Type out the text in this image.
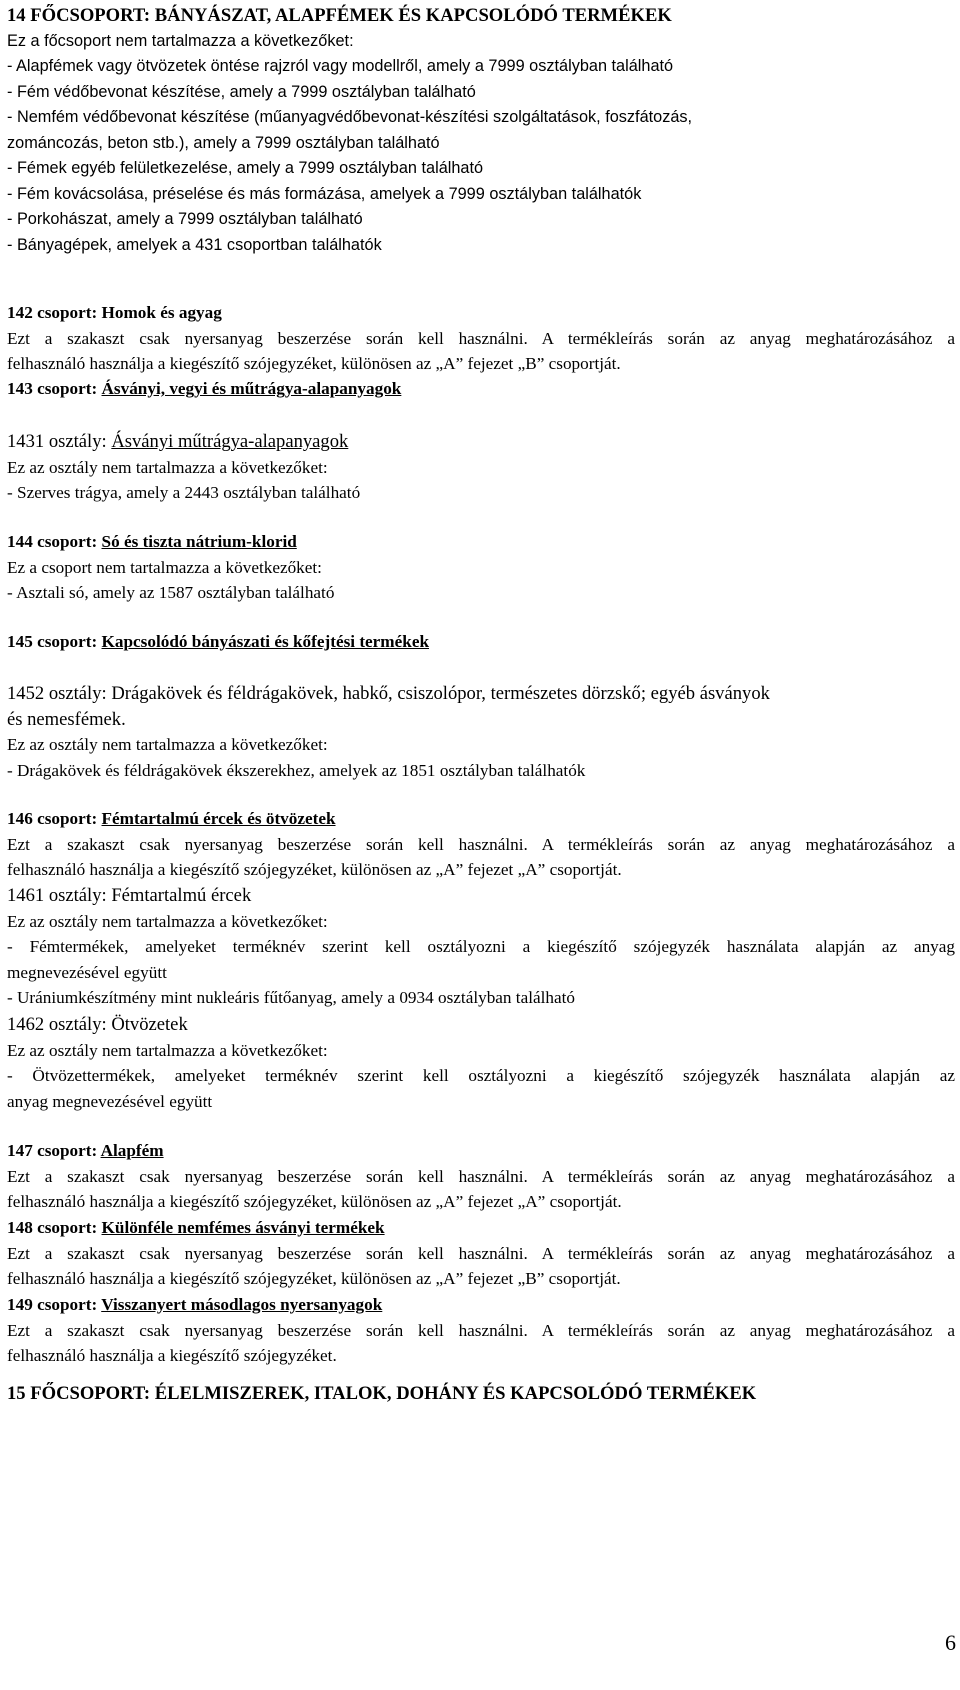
14 FŐCSOPORT: BÁNYÁSZAT, ALAPFÉMEK ÉS KAPCSOLÓDÓ TERMÉKEK
Ez a főcsoport nem tartalmazza a következőket:
- Alapfémek vagy ötvözetek öntése rajzról vagy modellről, amely a 7999 osztályban található
- Fém védőbevonat készítése, amely a 7999 osztályban található
- Nemfém védőbevonat készítése (műanyagvédőbevonat-készítési szolgáltatások, foszfátozás,
zománcozás, beton stb.), amely a 7999 osztályban található
- Fémek egyéb felületkezelése, amely a 7999 osztályban található
- Fém kovácsolása, préselése és más formázása, amelyek a 7999 osztályban találhatók
- Porkohászat, amely a 7999 osztályban található
- Bányagépek, amelyek a 431 csoportban találhatók
142 csoport: Homok és agyag
Ezt a szakaszt csak nyersanyag beszerzése során kell használni. A termékleírás során az anyag meghatározásához a
felhasználó használja a kiegészítő szójegyzéket, különösen az „A” fejezet „B” csoportját.
143 csoport: Ásványi, vegyi és műtrágya-alapanyagok
1431 osztály: Ásványi műtrágya-alapanyagok
Ez az osztály nem tartalmazza a következőket:
- Szerves trágya, amely a 2443 osztályban található
144 csoport: Só és tiszta nátrium-klorid
Ez a csoport nem tartalmazza a következőket:
- Asztali só, amely az 1587 osztályban található
145 csoport: Kapcsolódó bányászati és kőfejtési termékek
1452 osztály: Drágakövek és féldrágakövek, habkő, csiszolópor, természetes dörzskő; egyéb ásványok
és nemesfémek.
Ez az osztály nem tartalmazza a következőket:
- Drágakövek és féldrágakövek ékszerekhez, amelyek az 1851 osztályban találhatók
146 csoport: Fémtartalmú ércek és ötvözetek
Ezt a szakaszt csak nyersanyag beszerzése során kell használni. A termékleírás során az anyag meghatározásához a
felhasználó használja a kiegészítő szójegyzéket, különösen az „A” fejezet „A” csoportját.
1461 osztály: Fémtartalmú ércek
Ez az osztály nem tartalmazza a következőket:
- Fémtermékek, amelyeket terméknév szerint kell osztályozni a kiegészítő szójegyzék használata alapján az anyag
megnevezésével együtt
- Urániumkészítmény mint nukleáris fűtőanyag, amely a 0934 osztályban található
1462 osztály: Ötvözetek
Ez az osztály nem tartalmazza a következőket:
- Ötvözettermékek, amelyeket terméknév szerint kell osztályozni a kiegészítő szójegyzék használata alapján az
anyag megnevezésével együtt
147 csoport: Alapfém
Ezt a szakaszt csak nyersanyag beszerzése során kell használni. A termékleírás során az anyag meghatározásához a
felhasználó használja a kiegészítő szójegyzéket, különösen az „A” fejezet „A” csoportját.
148 csoport: Különféle nemfémes ásványi termékek
Ezt a szakaszt csak nyersanyag beszerzése során kell használni. A termékleírás során az anyag meghatározásához a
felhasználó használja a kiegészítő szójegyzéket, különösen az „A” fejezet „B” csoportját.
149 csoport: Visszanyert másodlagos nyersanyagok
Ezt a szakaszt csak nyersanyag beszerzése során kell használni. A termékleírás során az anyag meghatározásához a
felhasználó használja a kiegészítő szójegyzéket.
15 FŐCSOPORT: ÉLELMISZEREK, ITALOK, DOHÁNY ÉS KAPCSOLÓDÓ TERMÉKEK
6
